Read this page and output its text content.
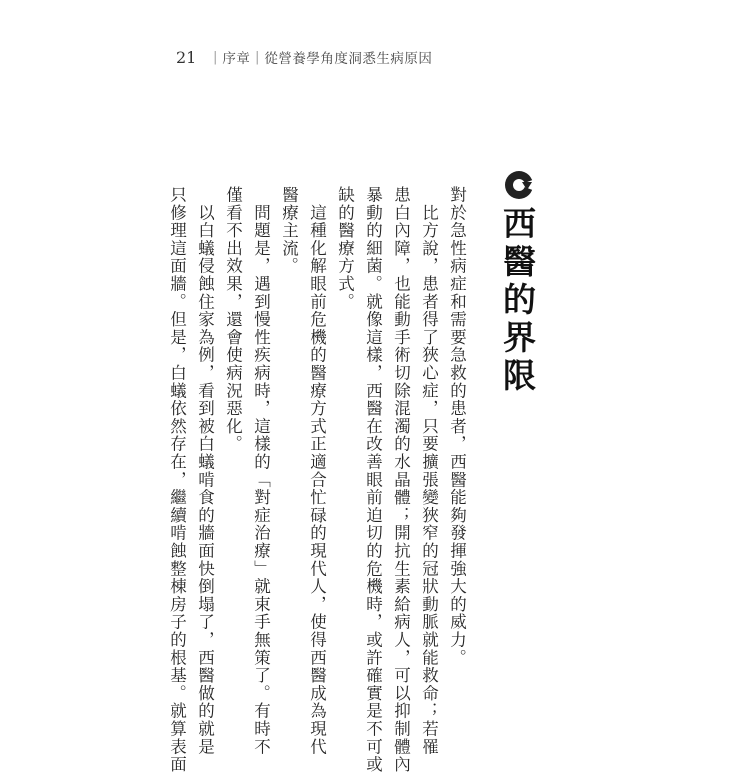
21 ｜序章｜從營養學角度洞悉生病原因
西醫的界限
對於急性病症和需要急救的患者，西醫能夠發揮強大的威力。
　比方說，患者得了狹心症，只要擴張變狹窄的冠狀動脈就能救命；若罹
患白內障，也能動手術切除混濁的水晶體；開抗生素給病人，可以抑制體內
暴動的細菌。就像這樣，西醫在改善眼前迫切的危機時，或許確實是不可或
缺的醫療方式。
　這種化解眼前危機的醫療方式正適合忙碌的現代人，使得西醫成為現代
醫療主流。
　問題是，遇到慢性疾病時，這樣的「對症治療」就束手無策了。有時不
僅看不出效果，還會使病況惡化。
　以白蟻侵蝕住家為例，看到被白蟻啃食的牆面快倒塌了，西醫做的就是
只修理這面牆。但是，白蟻依然存在，繼續啃蝕整棟房子的根基。就算表面
